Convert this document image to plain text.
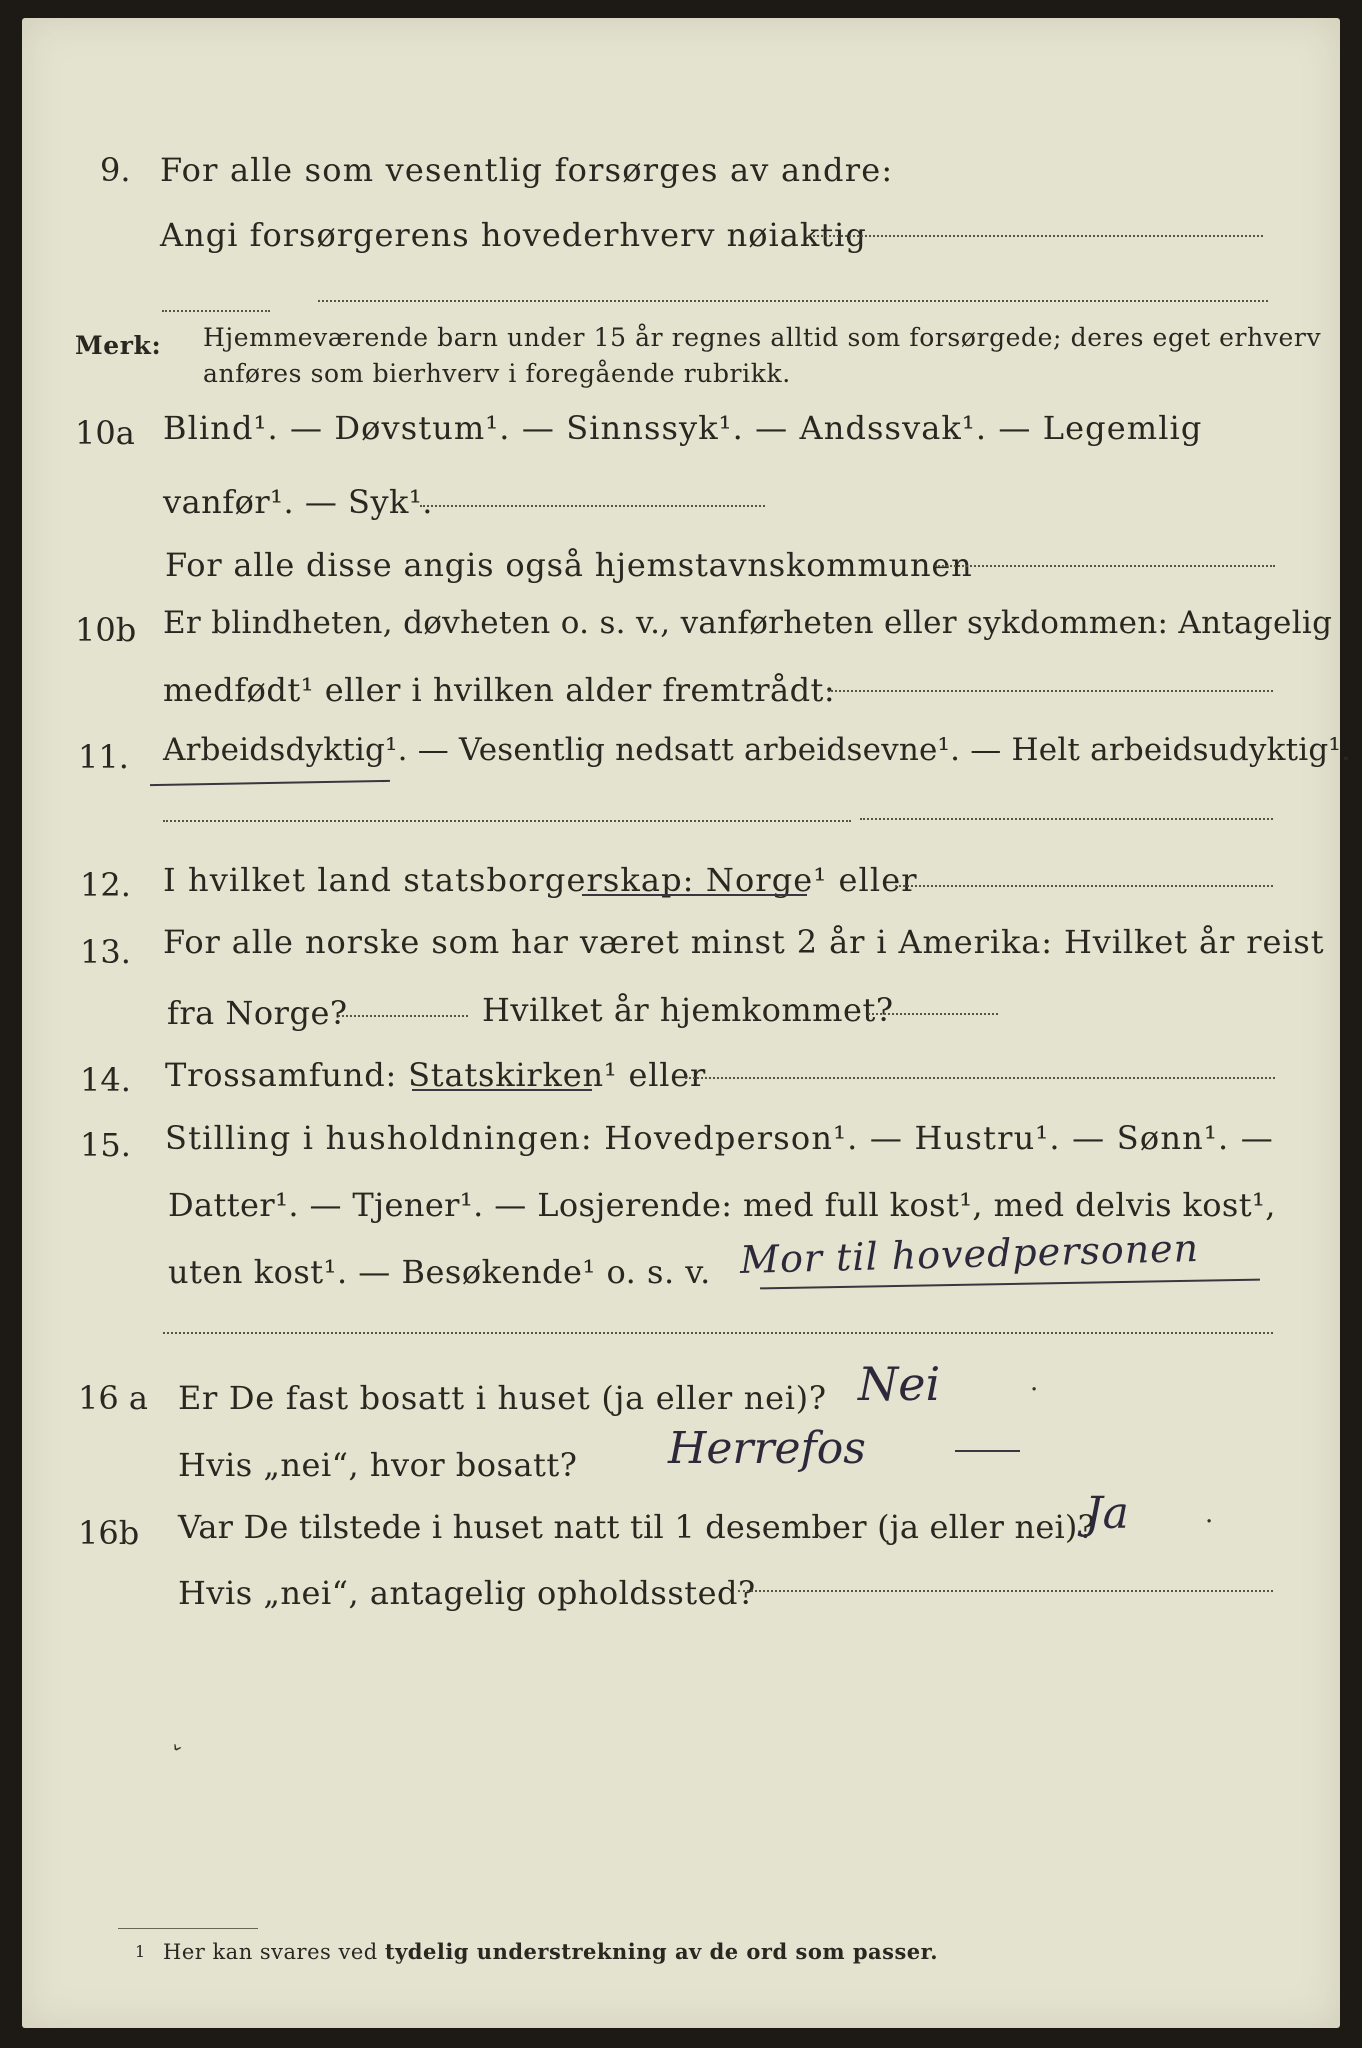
9. For alle som vesentlig forsørges av andre:
Angi forsørgerens hovederhverv nøiaktig
Merk: Hjemmeværende barn under 15 år regnes alltid som forsørgede; deres eget erhverv
anføres som bierhverv i foregående rubrikk.
10a Blind¹. — Døvstum¹. — Sinnssyk¹. — Andssvak¹. — Legemlig
vanfør¹. — Syk¹.
For alle disse angis også hjemstavnskommunen
10b Er blindheten, døvheten o. s. v., vanførheten eller sykdommen: Antagelig
medfødt¹ eller i hvilken alder fremtrådt:
11. Arbeidsdyktig¹. — Vesentlig nedsatt arbeidsevne¹. — Helt arbeidsudyktig¹.
12. I hvilket land statsborgerskap: Norge¹ eller
13. For alle norske som har været minst 2 år i Amerika: Hvilket år reist
fra Norge?	Hvilket år hjemkommet?
14. Trossamfund: Statskirken¹ eller
15. Stilling i husholdningen: Hovedperson¹. — Hustru¹. — Sønn¹. —
Datter¹. — Tjener¹. — Losjerende: med full kost¹, med delvis kost¹,
uten kost¹. — Besøkende¹ o. s. v. Mor til hovedpersonen
16 a Er De fast bosatt i huset (ja eller nei)? Nei	·
Hvis „nei“, hvor bosatt? Herrefos
16b Var De tilstede i huset natt til 1 desember (ja eller nei)?
Ja	·
Hvis „nei“, antagelig opholdssted?
ˇ
1 Her kan svares ved tydelig understrekning av de ord som passer.
